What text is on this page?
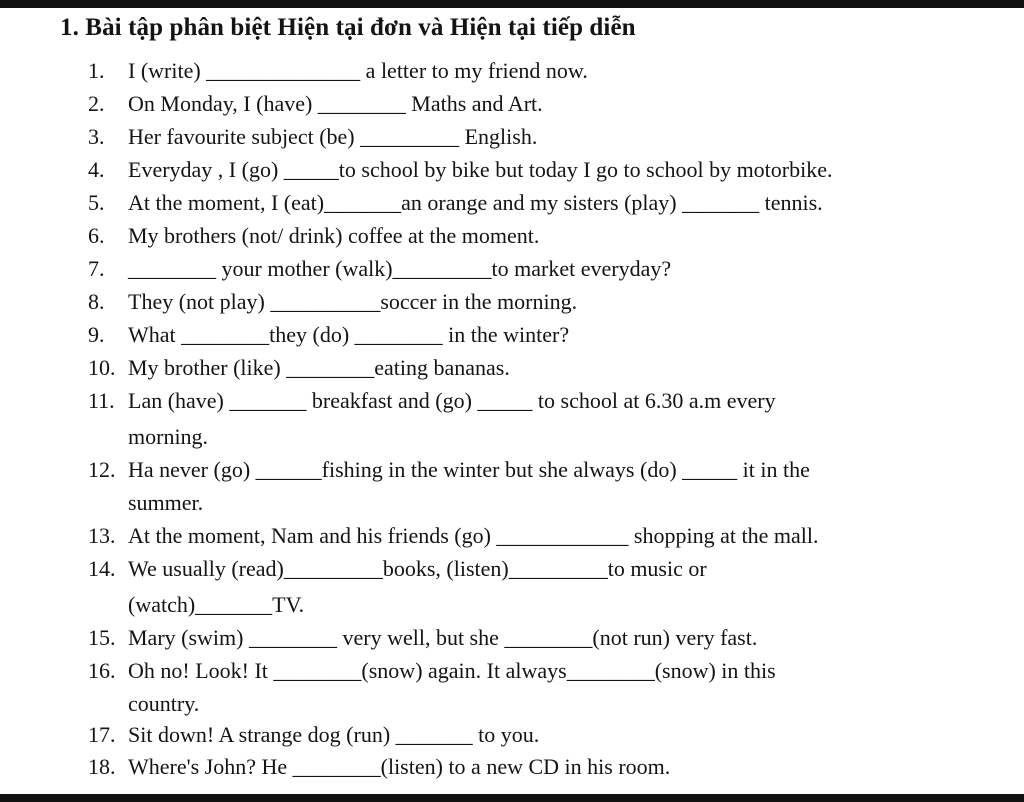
1. Bài tập phân biệt Hiện tại đơn và Hiện tại tiếp diễn
1. I (write) ______________ a letter to my friend now.
2. On Monday, I (have) ________ Maths and Art.
3. Her favourite subject (be) _________ English.
4. Everyday , I (go) _____to school by bike but today I go to school by motorbike.
5. At the moment, I (eat)_______an orange and my sisters (play) _______ tennis.
6. My brothers (not/ drink) coffee at the moment.
7. ________ your mother (walk)_________to market everyday?
8. They (not play) __________soccer in the morning.
9. What ________they (do) ________ in the winter?
10. My brother (like) ________eating bananas.
11. Lan (have) _______ breakfast and (go) _____ to school at 6.30 a.m every
morning.
12. Ha never (go) ______fishing in the winter but she always (do) _____ it in the
summer.
13. At the moment, Nam and his friends (go) ____________ shopping at the mall.
14. We usually (read)_________books, (listen)_________to music or
(watch)_______TV.
15. Mary (swim) ________ very well, but she ________(not run) very fast.
16. Oh no! Look! It ________(snow) again. It always________(snow) in this
country.
17. Sit down! A strange dog (run) _______ to you.
18. Where's John? He ________(listen) to a new CD in his room.
